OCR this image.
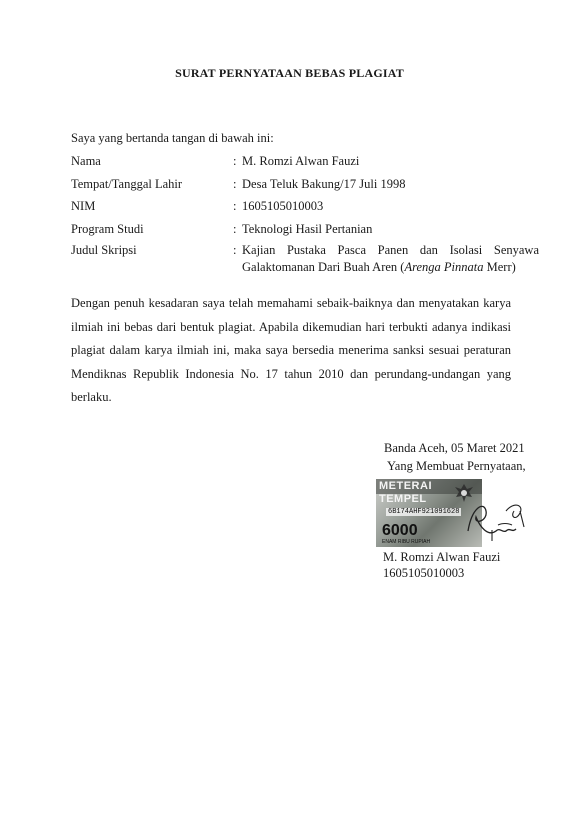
SURAT PERNYATAAN BEBAS PLAGIAT
Saya yang bertanda tangan di bawah ini:
Nama	: M. Romzi Alwan Fauzi
Tempat/Tanggal Lahir	: Desa Teluk Bakung/17 Juli 1998
NIM	: 1605105010003
Program Studi	: Teknologi Hasil Pertanian
Judul Skripsi	: Kajian Pustaka Pasca Panen dan Isolasi Senyawa
Galaktomanan Dari Buah Aren (Arenga Pinnata Merr)
Dengan penuh kesadaran saya telah memahami sebaik-baiknya dan menyatakan karya ilmiah ini bebas dari bentuk plagiat. Apabila dikemudian hari terbukti adanya indikasi plagiat dalam karya ilmiah ini, maka saya bersedia menerima sanksi sesuai peraturan Mendiknas Republik Indonesia No. 17 tahun 2010 dan perundang-undangan yang berlaku.
Banda Aceh, 05 Maret 2021
Yang Membuat Pernyataan,
METERAI
TEMPEL
6B174AHF921091628
6000
ENAM RIBU RUPIAH
M. Romzi Alwan Fauzi
1605105010003
